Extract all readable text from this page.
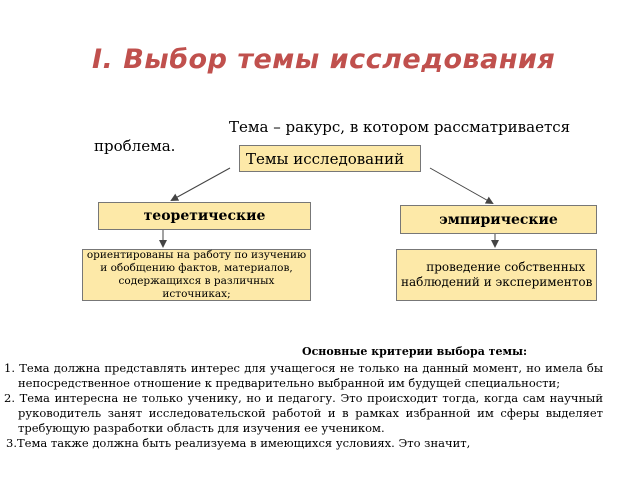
I. Выбор темы исследования
Тема – ракурс, в котором рассматривается
проблема.
Темы исследований
теоретические	эмпирические
ориентированы на работу по изучению и обобщению фактов, материалов, содержащихся в различных источниках;
проведение собственных
наблюдений и экспериментов
Основные критерии выбора темы:
1. Тема должна представлять интерес для учащегося не только на данный момент, но имела бы непосредственное отношение к предварительно выбранной им будущей специальности;
2. Тема интересна не только ученику, но и педагогу. Это происходит тогда, когда сам научный руководитель занят исследовательской работой и в рамках избранной им сферы выделяет требующую разработки область для изучения ее учеником.
3.Тема также должна быть реализуема в имеющихся условиях. Это значит,
